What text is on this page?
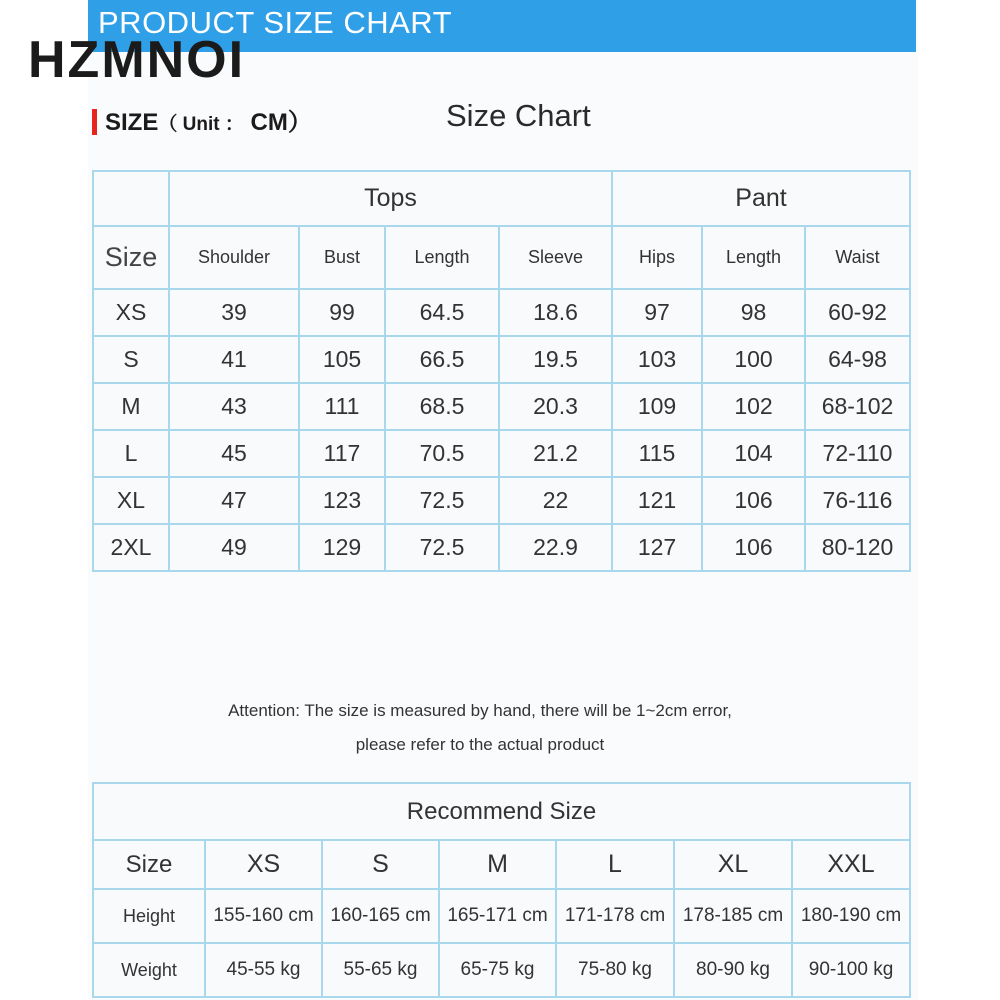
PRODUCT SIZE CHART
HZMNOI
SIZE（ Unit ： CM）	Size Chart
	Tops				Pant		
Size	Shoulder	Bust	Length	Sleeve	Hips	Length	Waist
XS	39	99	64.5	18.6	97	98	60-92
S	41	105	66.5	19.5	103	100	64-98
M	43	111	68.5	20.3	109	102	68-102
L	45	117	70.5	21.2	115	104	72-110
XL	47	123	72.5	22	121	106	76-116
2XL	49	129	72.5	22.9	127	106	80-120
Attention: The size is measured by hand, there will be 1~2cm error,
please refer to the actual product
Recommend Size						
Size	XS	S	M	L	XL	XXL
Height	155-160 cm	160-165 cm	165-171 cm	171-178 cm	178-185 cm	180-190 cm
Weight	45-55 kg	55-65 kg	65-75 kg	75-80 kg	80-90 kg	90-100 kg
